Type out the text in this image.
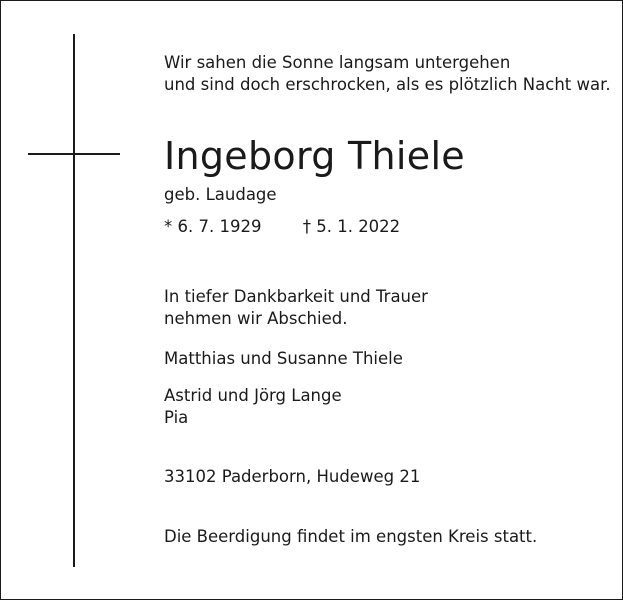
Wir sahen die Sonne langsam untergehen
und sind doch erschrocken, als es plötzlich Nacht war.
Ingeborg Thiele
geb. Laudage
* 6. 7. 1929	† 5. 1. 2022
In tiefer Dankbarkeit und Trauer
nehmen wir Abschied.
Matthias und Susanne Thiele
Astrid und Jörg Lange
Pia
33102 Paderborn, Hudeweg 21
Die Beerdigung findet im engsten Kreis statt.
